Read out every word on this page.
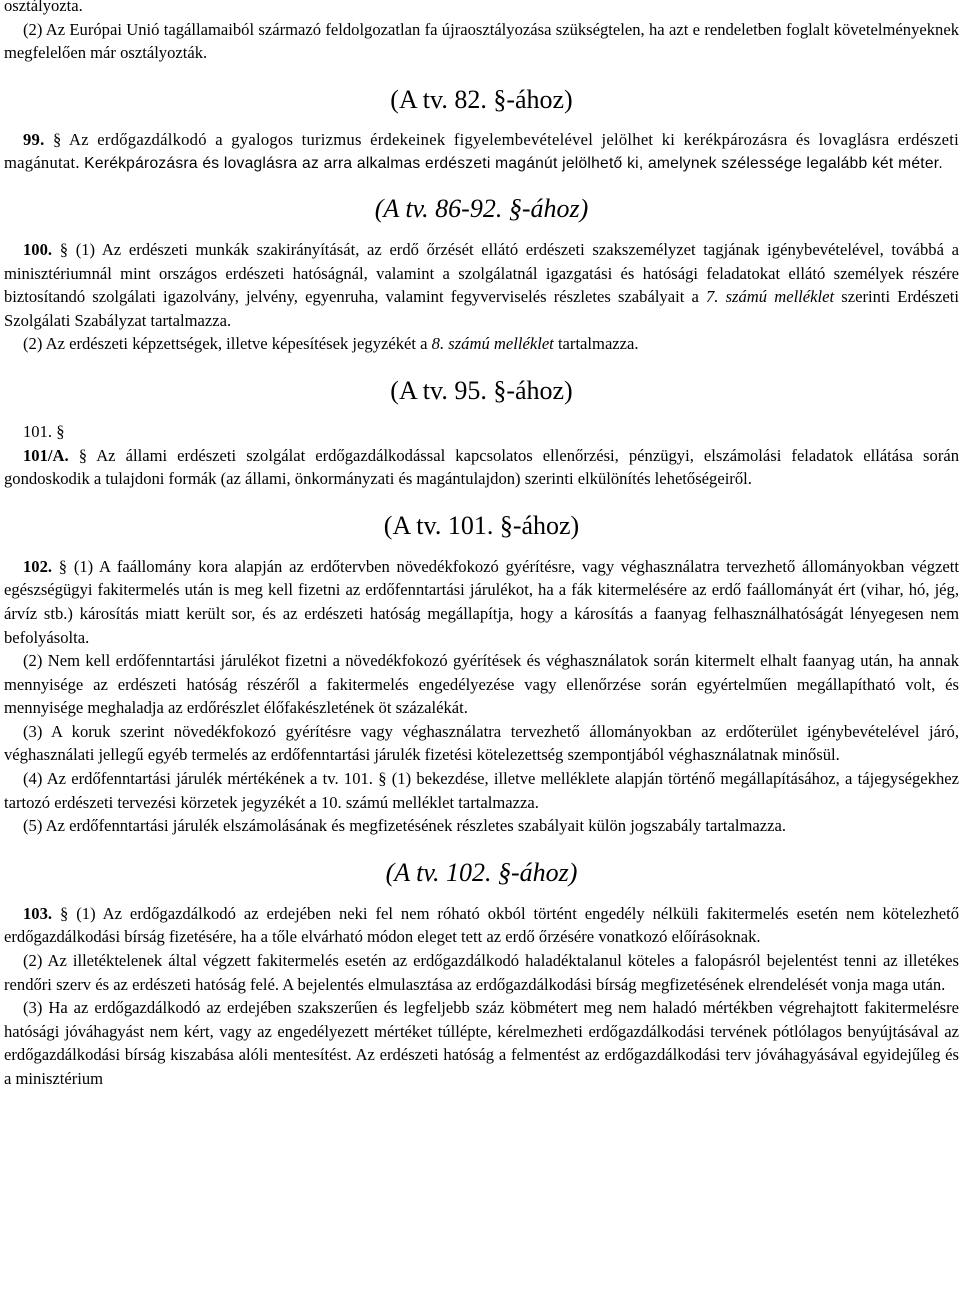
osztályozta.

(2) Az Európai Unió tagállamaiból származó feldolgozatlan fa újraosztályozása szükségtelen, ha azt e rendeletben foglalt követelményeknek megfelelően már osztályozták.

(A tv. 82. §-ához)

99. § Az erdőgazdálkodó a gyalogos turizmus érdekeinek figyelembevételével jelölhet ki kerékpározásra és lovaglásra erdészeti magánutat. Kerékpározásra és lovaglásra az arra alkalmas erdészeti magánút jelölhető ki, amelynek szélessége legalább két méter.

(A tv. 86-92. §-ához)

100. § (1) Az erdészeti munkák szakirányítását, az erdő őrzését ellátó erdészeti szakszemélyzet tagjának igénybevételével, továbbá a minisztériumnál mint országos erdészeti hatóságnál, valamint a szolgálatnál igazgatási és hatósági feladatokat ellátó személyek részére biztosítandó szolgálati igazolvány, jelvény, egyenruha, valamint fegyverviselés részletes szabályait a 7. számú melléklet szerinti Erdészeti Szolgálati Szabályzat tartalmazza.

(2) Az erdészeti képzettségek, illetve képesítések jegyzékét a 8. számú melléklet tartalmazza.

(A tv. 95. §-ához)

101. §

101/A. § Az állami erdészeti szolgálat erdőgazdálkodással kapcsolatos ellenőrzési, pénzügyi, elszámolási feladatok ellátása során gondoskodik a tulajdoni formák (az állami, önkormányzati és magántulajdon) szerinti elkülönítés lehetőségeiről.

(A tv. 101. §-ához)

102. § (1) A faállomány kora alapján az erdőtervben növedékfokozó gyérítésre, vagy véghasználatra tervezhető állományokban végzett egészségügyi fakitermelés után is meg kell fizetni az erdőfenntartási járulékot, ha a fák kitermelésére az erdő faállományát ért (vihar, hó, jég, árvíz stb.) károsítás miatt került sor, és az erdészeti hatóság megállapítja, hogy a károsítás a faanyag felhasználhatóságát lényegesen nem befolyásolta.

(2) Nem kell erdőfenntartási járulékot fizetni a növedékfokozó gyérítések és véghasználatok során kitermelt elhalt faanyag után, ha annak mennyisége az erdészeti hatóság részéről a fakitermelés engedélyezése vagy ellenőrzése során egyértelműen megállapítható volt, és mennyisége meghaladja az erdőrészlet élőfakészletének öt százalékát.

(3) A koruk szerint növedékfokozó gyérítésre vagy véghasználatra tervezhető állományokban az erdőterület igénybevételével járó, véghasználati jellegű egyéb termelés az erdőfenntartási járulék fizetési kötelezettség szempontjából véghasználatnak minősül.

(4) Az erdőfenntartási járulék mértékének a tv. 101. § (1) bekezdése, illetve melléklete alapján történő megállapításához, a tájegységekhez tartozó erdészeti tervezési körzetek jegyzékét a 10. számú melléklet tartalmazza.

(5) Az erdőfenntartási járulék elszámolásának és megfizetésének részletes szabályait külön jogszabály tartalmazza.

(A tv. 102. §-ához)

103. § (1) Az erdőgazdálkodó az erdejében neki fel nem róható okból történt engedély nélküli fakitermelés esetén nem kötelezhető erdőgazdálkodási bírság fizetésére, ha a tőle elvárható módon eleget tett az erdő őrzésére vonatkozó előírásoknak.

(2) Az illetéktelenek által végzett fakitermelés esetén az erdőgazdálkodó haladéktalanul köteles a falopásról bejelentést tenni az illetékes rendőri szerv és az erdészeti hatóság felé. A bejelentés elmulasztása az erdőgazdálkodási bírság megfizetésének elrendelését vonja maga után.

(3) Ha az erdőgazdálkodó az erdejében szakszerűen és legfeljebb száz köbmétert meg nem haladó mértékben végrehajtott fakitermelésre hatósági jóváhagyást nem kért, vagy az engedélyezett mértéket túllépte, kérelmezheti erdőgazdálkodási tervének pótlólagos benyújtásával az erdőgazdálkodási bírság kiszabása alóli mentesítést. Az erdészeti hatóság a felmentést az erdőgazdálkodási terv jóváhagyásával egyidejűleg és a minisztérium
